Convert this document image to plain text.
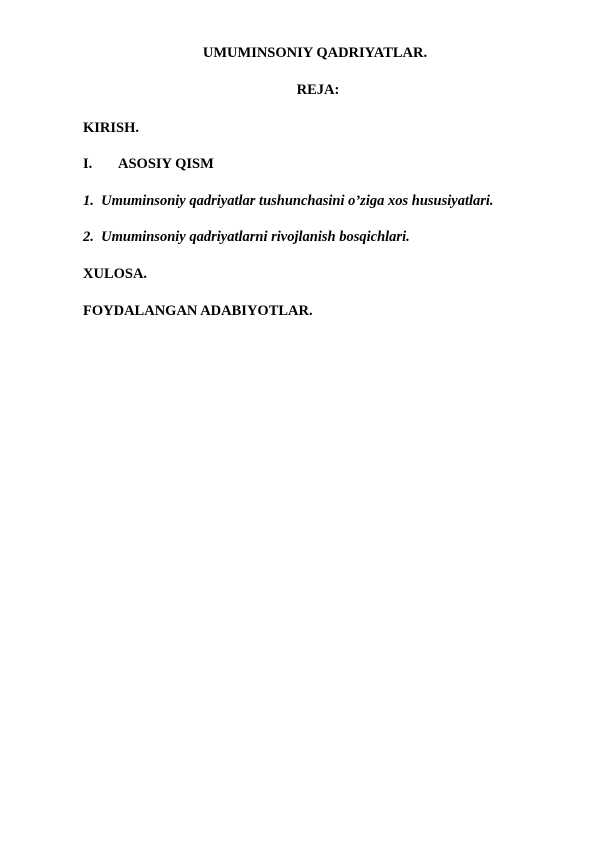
UMUMINSONIY QADRIYATLAR.
REJA:
KIRISH.
I. ASOSIY QISM
1. Umuminsoniy qadriyatlar tushunchasini o’ziga xos hususiyatlari.
2. Umuminsoniy qadriyatlarni rivojlanish bosqichlari.
XULOSA.
FOYDALANGAN ADABIYOTLAR.
